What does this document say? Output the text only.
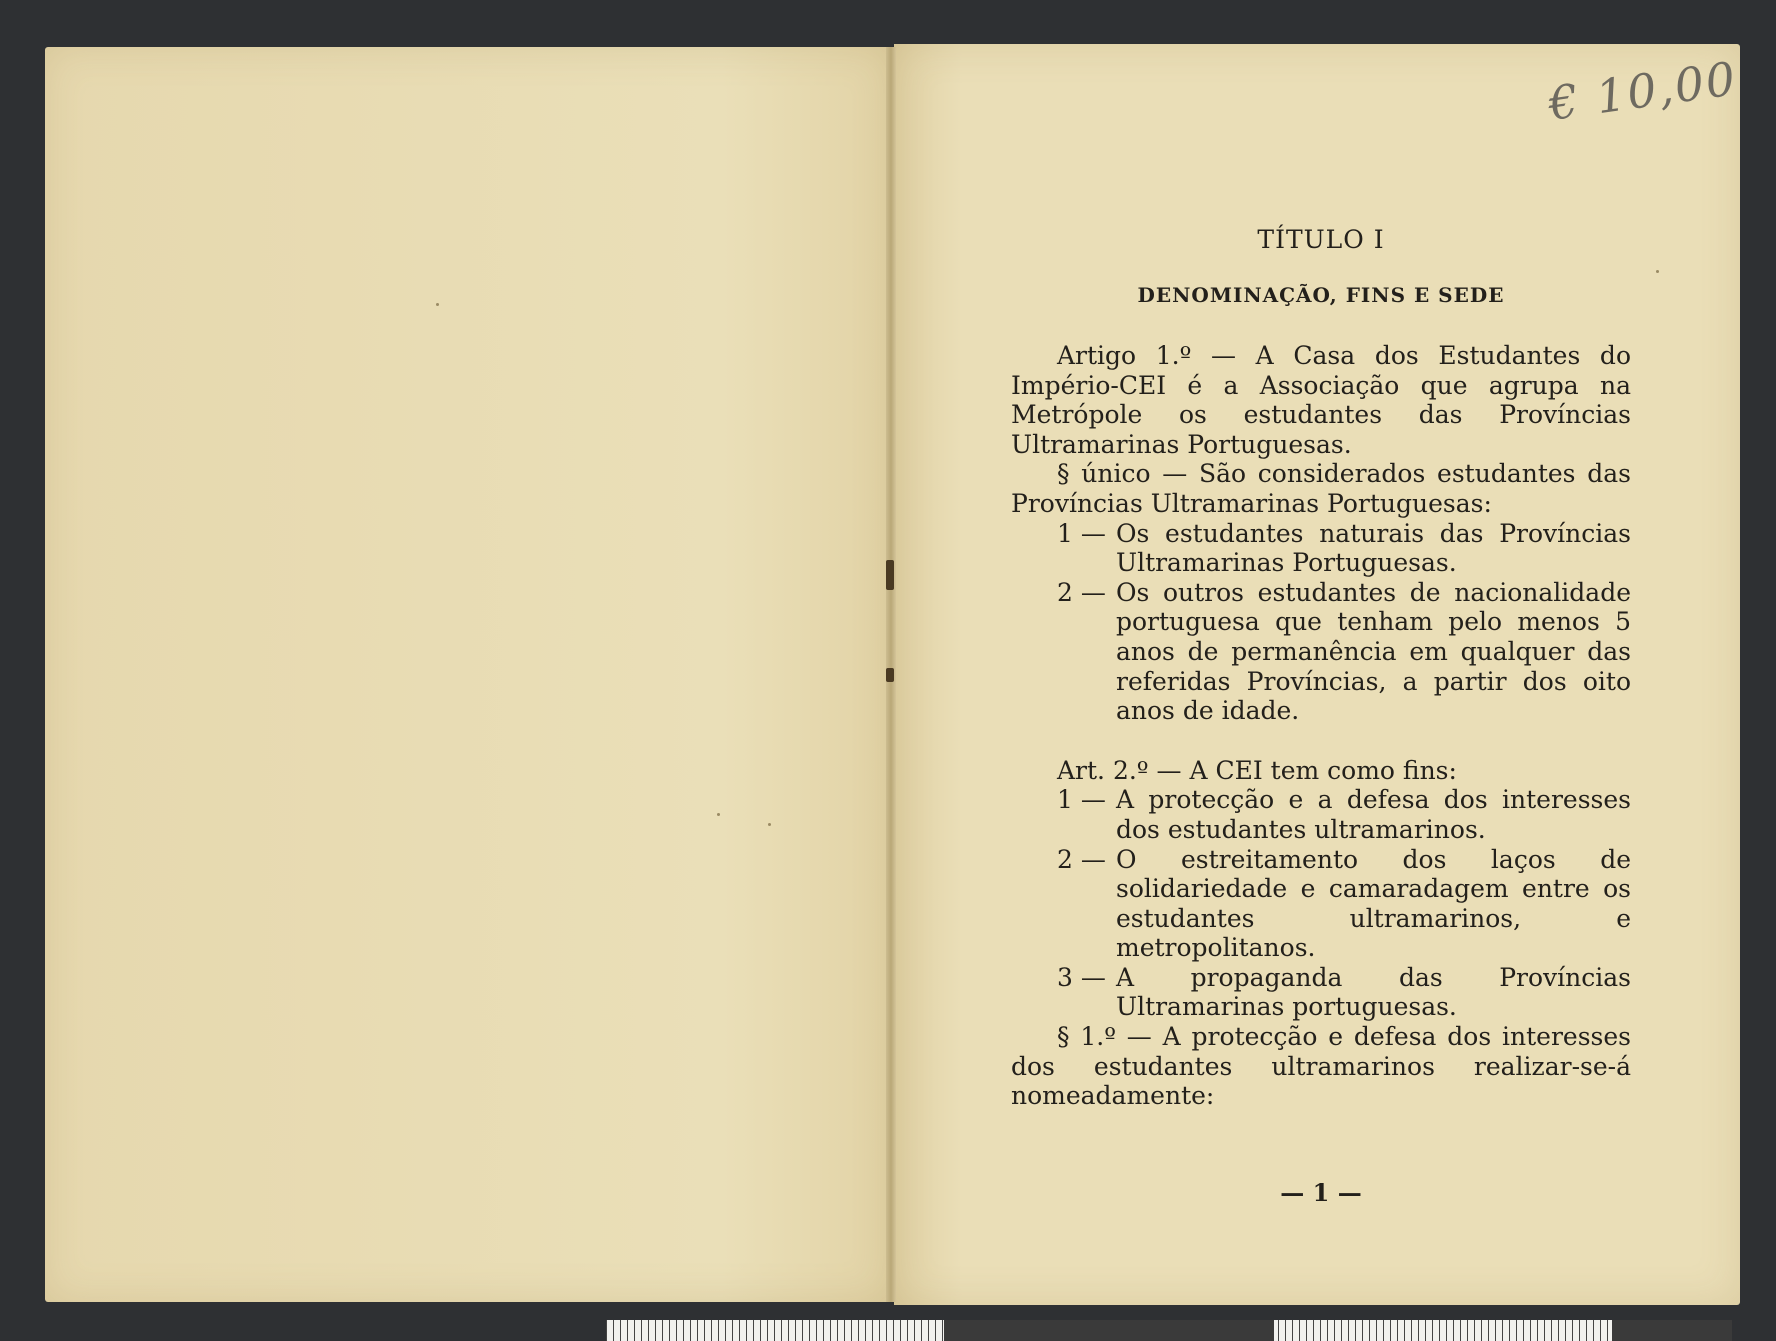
€ 10,00

TÍTULO I

DENOMINAÇÃO, FINS E SEDE

Artigo 1.º — A Casa dos Estudantes do Império-CEI é a Associação que agrupa na Metrópole os estudantes das Províncias Ultramarinas Portuguesas.

§ único — São considerados estudantes das Províncias Ultramarinas Portuguesas:

1 — Os estudantes naturais das Províncias Ultramarinas Portuguesas.
2 — Os outros estudantes de nacionalidade portuguesa que tenham pelo menos 5 anos de permanência em qualquer das referidas Províncias, a partir dos oito anos de idade.

Art. 2.º — A CEI tem como fins:

1 — A protecção e a defesa dos interesses dos estudantes ultramarinos.
2 — O estreitamento dos laços de solidariedade e camaradagem entre os estudantes ultramarinos, e metropolitanos.
3 — A propaganda das Províncias Ultramarinas portuguesas.

§ 1.º — A protecção e defesa dos interesses dos estudantes ultramarinos realizar-se-á nomeadamente:

— 1 —
